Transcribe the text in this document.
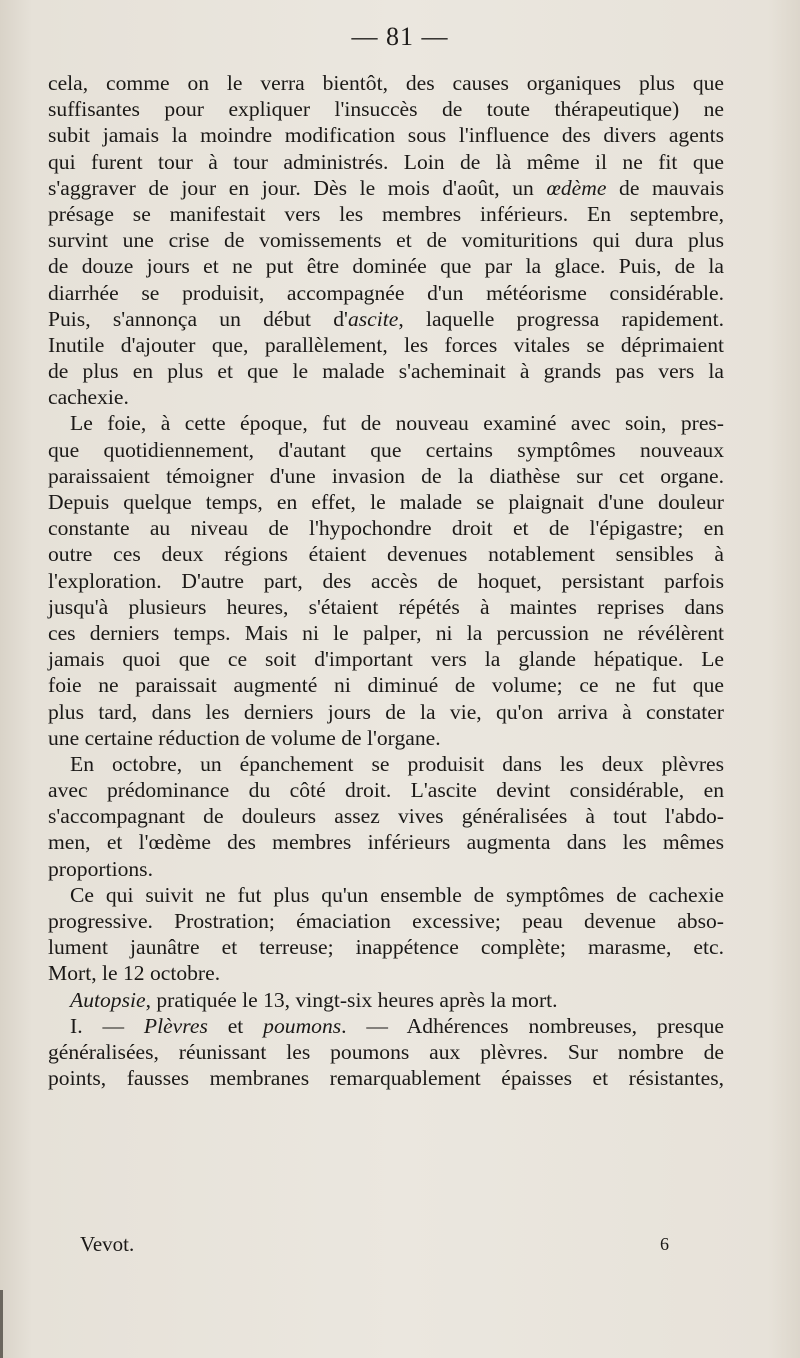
— 81 —
cela, comme on le verra bientôt, des causes organiques plus que
suffisantes pour expliquer l'insuccès de toute thérapeutique) ne
subit jamais la moindre modification sous l'influence des divers agents
qui furent tour à tour administrés. Loin de là même il ne fit que
s'aggraver de jour en jour. Dès le mois d'août, un œdème de mauvais
présage se manifestait vers les membres inférieurs. En septembre,
survint une crise de vomissements et de vomituritions qui dura plus
de douze jours et ne put être dominée que par la glace. Puis, de la
diarrhée se produisit, accompagnée d'un météorisme considérable.
Puis, s'annonça un début d'ascite, laquelle progressa rapidement.
Inutile d'ajouter que, parallèlement, les forces vitales se déprimaient
de plus en plus et que le malade s'acheminait à grands pas vers la
cachexie.
Le foie, à cette époque, fut de nouveau examiné avec soin, pres-
que quotidiennement, d'autant que certains symptômes nouveaux
paraissaient témoigner d'une invasion de la diathèse sur cet organe.
Depuis quelque temps, en effet, le malade se plaignait d'une douleur
constante au niveau de l'hypochondre droit et de l'épigastre; en
outre ces deux régions étaient devenues notablement sensibles à
l'exploration. D'autre part, des accès de hoquet, persistant parfois
jusqu'à plusieurs heures, s'étaient répétés à maintes reprises dans
ces derniers temps. Mais ni le palper, ni la percussion ne révélèrent
jamais quoi que ce soit d'important vers la glande hépatique. Le
foie ne paraissait augmenté ni diminué de volume; ce ne fut que
plus tard, dans les derniers jours de la vie, qu'on arriva à constater
une certaine réduction de volume de l'organe.
En octobre, un épanchement se produisit dans les deux plèvres
avec prédominance du côté droit. L'ascite devint considérable, en
s'accompagnant de douleurs assez vives généralisées à tout l'abdo-
men, et l'œdème des membres inférieurs augmenta dans les mêmes
proportions.
Ce qui suivit ne fut plus qu'un ensemble de symptômes de cachexie
progressive. Prostration; émaciation excessive; peau devenue abso-
lument jaunâtre et terreuse; inappétence complète; marasme, etc.
Mort, le 12 octobre.
Autopsie, pratiquée le 13, vingt-six heures après la mort.
I. — Plèvres et poumons. — Adhérences nombreuses, presque
généralisées, réunissant les poumons aux plèvres. Sur nombre de
points, fausses membranes remarquablement épaisses et résistantes,
Vevot.	6
